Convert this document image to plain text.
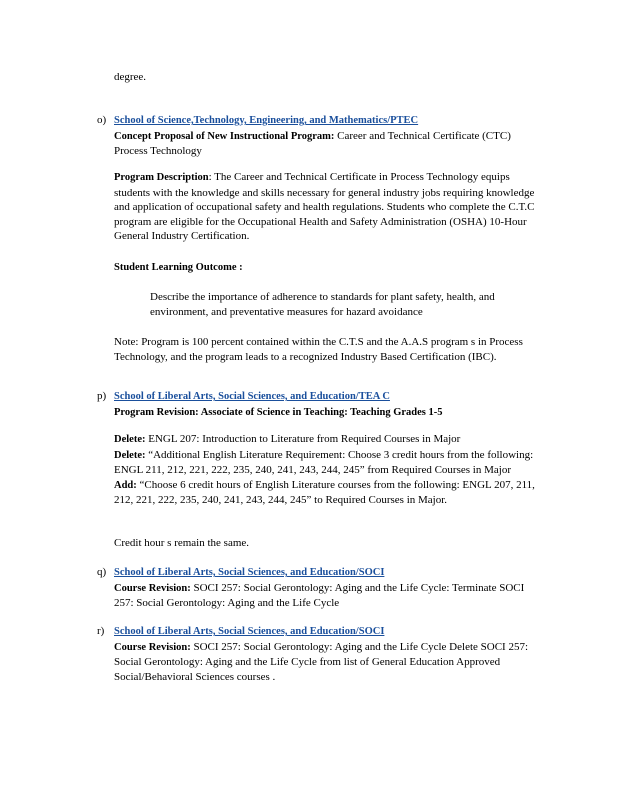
degree.

o) School of Science,Technology, Engineering, and Mathematics/PTEC

Concept Proposal of New Instructional Program: Career and Technical Certificate (CTC) Process Technology

Program Description: The Career and Technical Certificate in Process Technology equips students with the knowledge and skills necessary for general industry jobs requiring knowledge and application of occupational safety and health regulations. Students who complete the C.T.C program are eligible for the Occupational Health and Safety Administration (OSHA) 10-Hour General Industry Certification.

Student Learning Outcome :

Describe the importance of adherence to standards for plant safety, health, and environment, and preventative measures for hazard avoidance

Note: Program is 100 percent contained within the C.T.S and the A.A.S program s in Process Technology, and the program leads to a recognized Industry Based Certification (IBC).

p) School of Liberal Arts, Social Sciences, and Education/TEA C

Program Revision: Associate of Science in Teaching: Teaching Grades 1-5

Delete: ENGL 207: Introduction to Literature from Required Courses in Major

Delete: “Additional English Literature Requirement: Choose 3 credit hours from the following: ENGL 211, 212, 221, 222, 235, 240, 241, 243, 244, 245” from Required Courses in Major

Add: “Choose 6 credit hours of English Literature courses from the following: ENGL 207, 211, 212, 221, 222, 235, 240, 241, 243, 244, 245” to Required Courses in Major.

Credit hour s remain the same.

q) School of Liberal Arts, Social Sciences, and Education/SOCI

Course Revision: SOCI 257: Social Gerontology: Aging and the Life Cycle: Terminate SOCI 257: Social Gerontology: Aging and the Life Cycle

r) School of Liberal Arts, Social Sciences, and Education/SOCI

Course Revision: SOCI 257: Social Gerontology: Aging and the Life Cycle Delete SOCI 257: Social Gerontology: Aging and the Life Cycle from list of General Education Approved Social/Behavioral Sciences courses .
